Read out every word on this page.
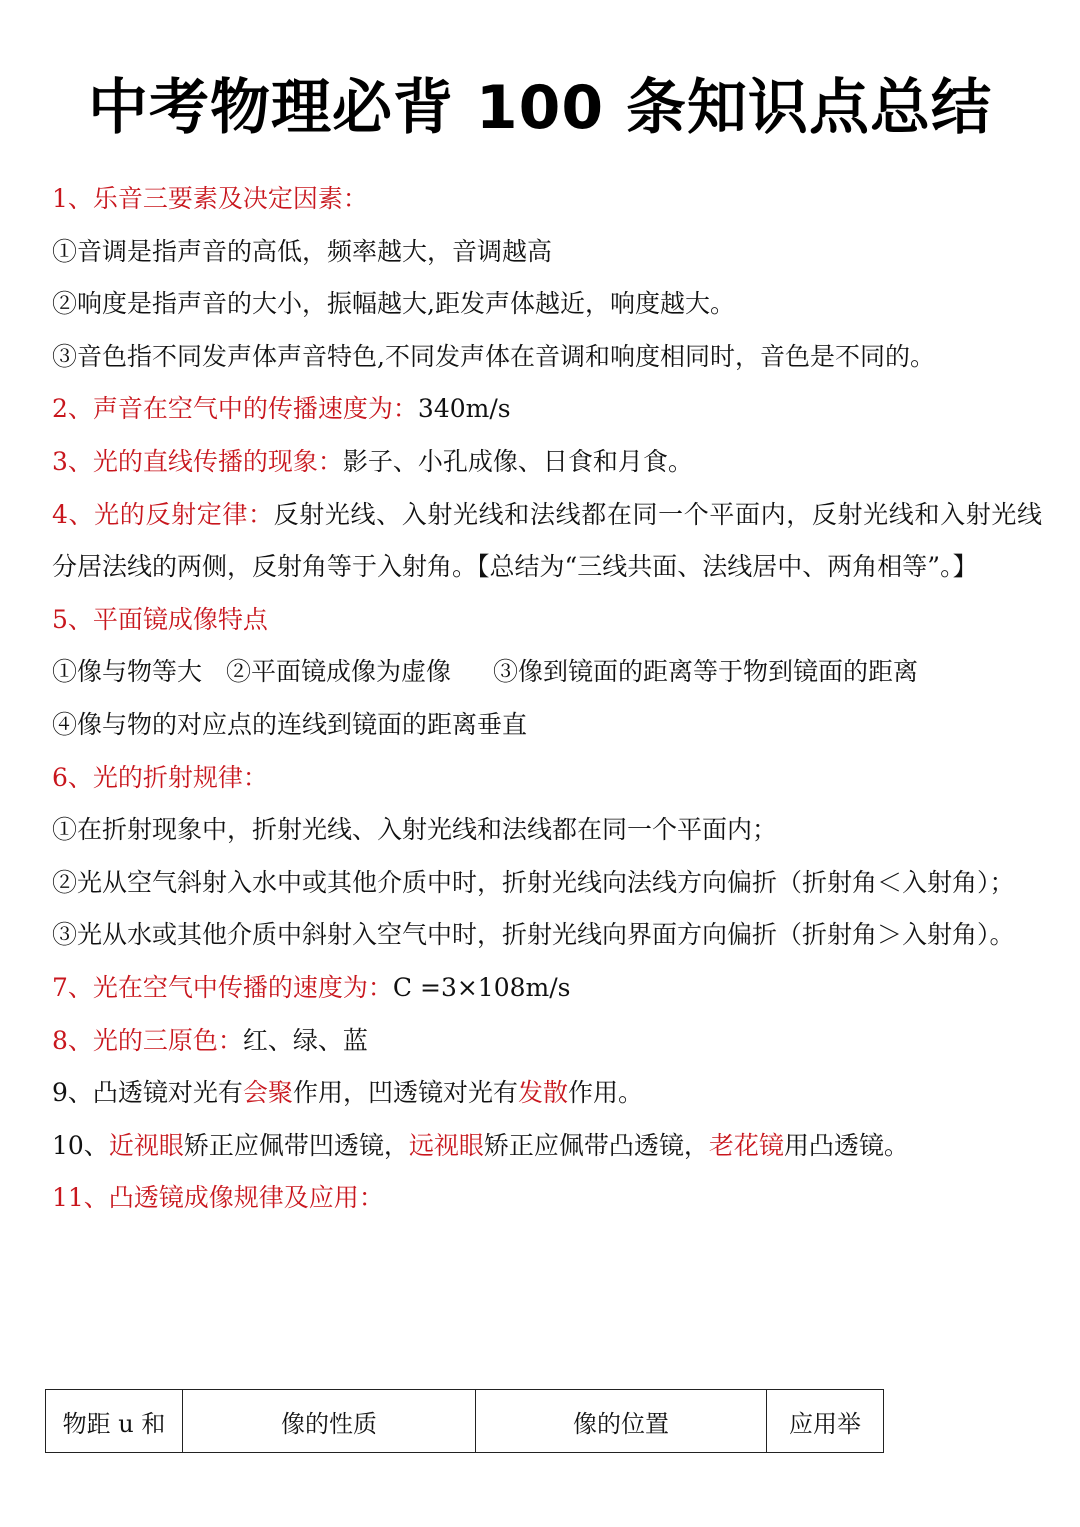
中考物理必背 100 条知识点总结
1、乐音三要素及决定因素：
①音调是指声音的高低，频率越大，音调越高
②响度是指声音的大小，振幅越大,距发声体越近，响度越大。
③音色指不同发声体声音特色,不同发声体在音调和响度相同时，音色是不同的。
2、声音在空气中的传播速度为：340m/s
3、光的直线传播的现象：影子、小孔成像、日食和月食。
4、光的反射定律：反射光线、入射光线和法线都在同一个平面内，反射光线和入射光线分居法线的两侧，反射角等于入射角。【总结为“三线共面、法线居中、两角相等”。】
5、平面镜成像特点
①像与物等大 ②平面镜成像为虚像 ③像到镜面的距离等于物到镜面的距离
④像与物的对应点的连线到镜面的距离垂直
6、光的折射规律：
①在折射现象中，折射光线、入射光线和法线都在同一个平面内；
②光从空气斜射入水中或其他介质中时，折射光线向法线方向偏折（折射角＜入射角）；
③光从水或其他介质中斜射入空气中时，折射光线向界面方向偏折（折射角＞入射角）。
7、光在空气中传播的速度为：C =3×108m/s
8、光的三原色：红、绿、蓝
9、凸透镜对光有会聚作用，凹透镜对光有发散作用。
10、近视眼矫正应佩带凹透镜，远视眼矫正应佩带凸透镜，老花镜用凸透镜。
11、凸透镜成像规律及应用：
物距 u 和	像的性质	像的位置	应用举
